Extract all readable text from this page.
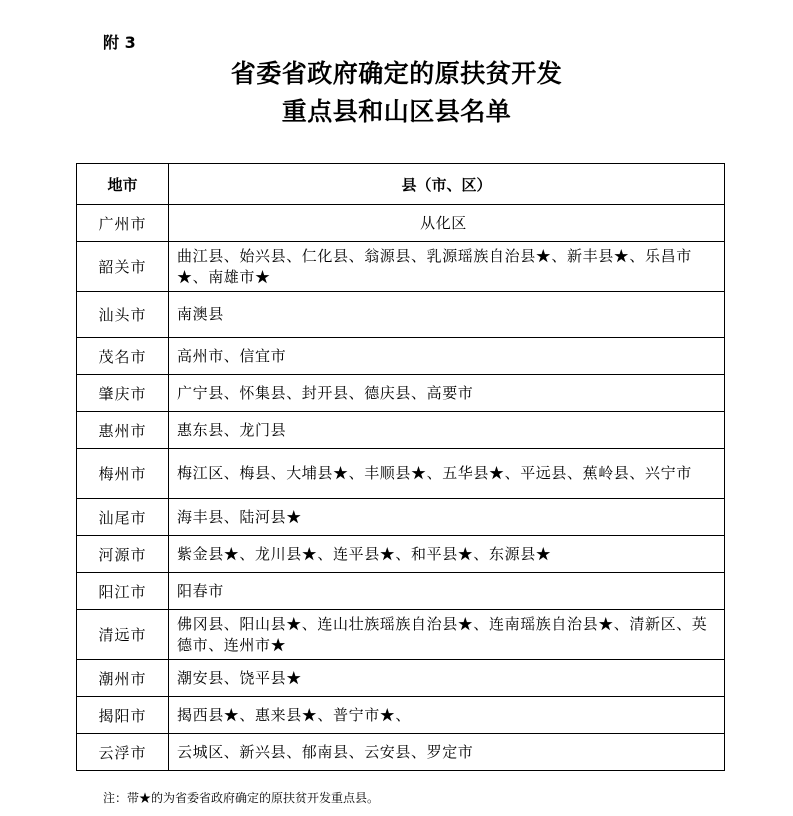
附 3
省委省政府确定的原扶贫开发
重点县和山区县名单
地市	县（市、区）
广州市	从化区
韶关市	曲江县、始兴县、仁化县、翁源县、乳源瑶族自治县★、新丰县★、乐昌市★、南雄市★
汕头市	南澳县
茂名市	高州市、信宜市
肇庆市	广宁县、怀集县、封开县、德庆县、高要市
惠州市	惠东县、龙门县
梅州市	梅江区、梅县、大埔县★、丰顺县★、五华县★、平远县、蕉岭县、兴宁市
汕尾市	海丰县、陆河县★
河源市	紫金县★、龙川县★、连平县★、和平县★、东源县★
阳江市	阳春市
清远市	佛冈县、阳山县★、连山壮族瑶族自治县★、连南瑶族自治县★、清新区、英德市、连州市★
潮州市	潮安县、饶平县★
揭阳市	揭西县★、惠来县★、普宁市★、
云浮市	云城区、新兴县、郁南县、云安县、罗定市
注：带★的为省委省政府确定的原扶贫开发重点县。
